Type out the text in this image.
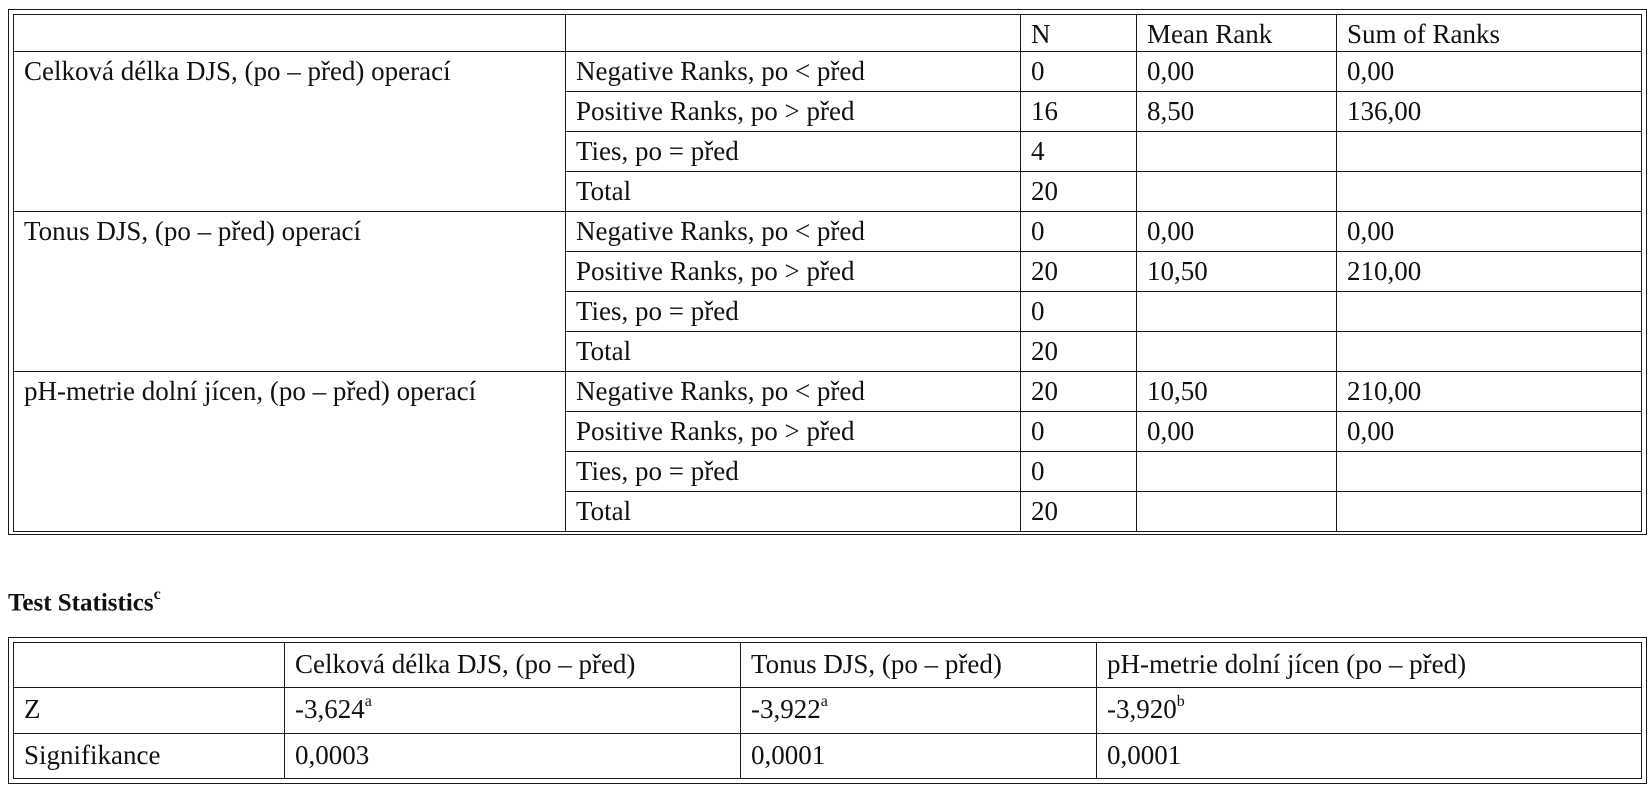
		N	Mean Rank	Sum of Ranks
Celková délka DJS, (po – před) operací	Negative Ranks, po < před	0	0,00	0,00
	Positive Ranks, po > před	16	8,50	136,00
	Ties, po = před	4		
	Total	20		
Tonus DJS, (po – před) operací	Negative Ranks, po < před	0	0,00	0,00
	Positive Ranks, po > před	20	10,50	210,00
	Ties, po = před	0		
	Total	20		
pH-metrie dolní jícen, (po – před) operací	Negative Ranks, po < před	20	10,50	210,00
	Positive Ranks, po > před	0	0,00	0,00
	Ties, po = před	0		
	Total	20		
Test Statistics$^c$
	Celková délka DJS, (po – před)	Tonus DJS, (po – před)	pH-metrie dolní jícen (po – před)
Z	-3,624$^a$	-3,922$^a$	-3,920$^b$
Signifikance	0,0003	0,0001	0,0001
